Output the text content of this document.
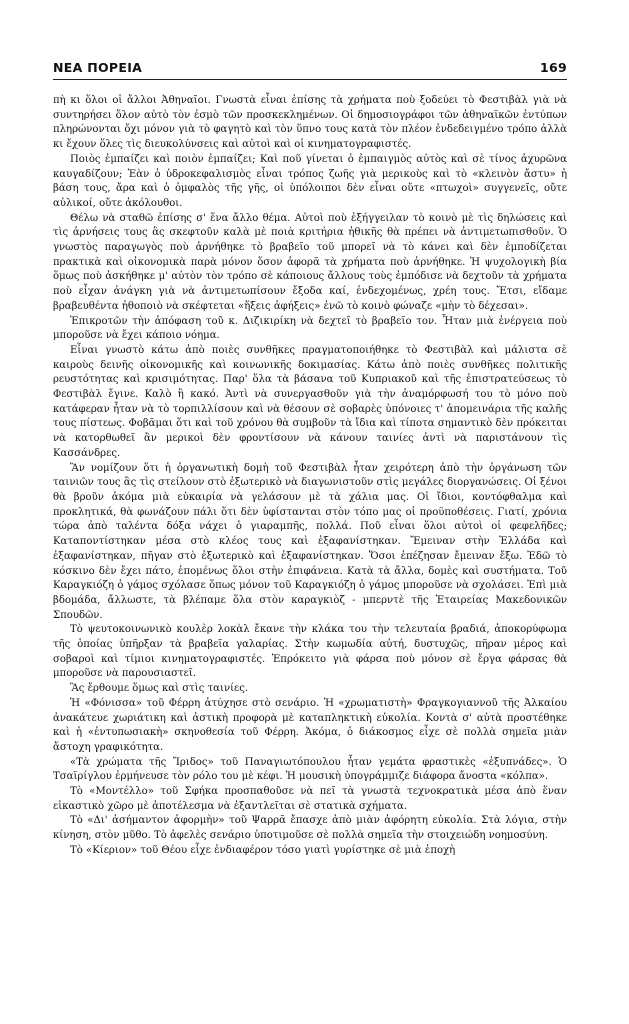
ΝΕΑ ΠΟΡΕΙΑ	169

πὴ κι ὅλοι οἱ ἄλλοι Ἀθηναῖοι. Γνωστὰ εἶναι ἐπίσης τὰ χρήματα ποὺ ξοδεύει τὸ Φεστιβὰλ γιὰ νὰ συντηρήσει ὅλον αὐτὸ τὸν ἐσμὸ τῶν προσκεκλημένων. Οἱ δημοσιογράφοι τῶν ἀθηναϊκῶν ἐντύπων πληρώνονται ὄχι μόνον γιὰ τὸ φαγητὸ καὶ τὸν ὕπνο τους κατὰ τὸν πλέον ἐνδεδειγμένο τρόπο ἀλλὰ κι ἔχουν ὅλες τὶς διευκολύνσεις καὶ αὐτοὶ καὶ οἱ κινηματογραφιστές.

Ποιὸς ἐμπαίζει καὶ ποιὸν ἐμπαίζει; Καὶ ποῦ γίνεται ὁ ἐμπαιγμὸς αὐτὸς καὶ σὲ τίνος ἀχυρῶνα καυγαδίζουν; Ἐὰν ὁ ὑδροκεφαλισμὸς εἶναι τρόπος ζωῆς γιὰ μερικοὺς καὶ τὸ «κλεινὸν ἄστυ» ἡ βάση τους, ἄρα καὶ ὁ ὀμφαλὸς τῆς γῆς, οἱ ὑπόλοιποι δὲν εἶναι οὔτε «πτωχοὶ» συγγενεῖς, οὔτε αὐλικοί, οὔτε ἀκόλουθοι.

Θέλω νὰ σταθῶ ἐπίσης σ' ἕνα ἄλλο θέμα. Αὐτοὶ ποὺ ἐξήγγειλαν τὸ κοινὸ μὲ τὶς δηλώσεις καὶ τὶς ἀρνήσεις τους ἂς σκεφτοῦν καλὰ μὲ ποιὰ κριτήρια ἠθικῆς θὰ πρέπει νὰ ἀντιμετωπισθοῦν. Ὁ γνωστὸς παραγωγὸς ποὺ ἀρνήθηκε τὸ βραβεῖο τοῦ μπορεῖ νὰ τὸ κάνει καὶ δὲν ἐμποδίζεται πρακτικὰ καὶ οἰκονομικὰ παρὰ μόνον ὅσον ἀφορᾶ τὰ χρήματα ποὺ ἀρνήθηκε. Ἡ ψυχολογικὴ βία ὅμως ποὺ ἀσκήθηκε μ' αὐτὸν τὸν τρόπο σὲ κάποιους ἄλλους τοὺς ἐμπόδισε νὰ δεχτοῦν τὰ χρήματα ποὺ εἶχαν ἀνάγκη γιὰ νὰ ἀντιμετωπίσουν ἔξοδα καί, ἐνδεχομένως, χρέη τους. Ἔτσι, εἴδαμε βραβευθέντα ἠθοποιὸ νὰ σκέφτεται «ἥξεις ἀφήξεις» ἐνῶ τὸ κοινὸ φώναζε «μὴν τὸ δέχεσαι».

Ἐπικροτῶν τὴν ἀπόφαση τοῦ κ. Διζικιρίκη νὰ δεχτεῖ τὸ βραβεῖο τον. Ἦταν μιὰ ἐνέργεια ποὺ μποροῦσε νὰ ἔχει κάποιο νόημα.

Εἶναι γνωστὸ κάτω ἀπὸ ποιὲς συνθῆκες πραγματοποιήθηκε τὸ Φεστιβὰλ καὶ μάλιστα σὲ καιροὺς δεινῆς οἰκονομικῆς καὶ κοινωνικῆς δοκιμασίας. Κάτω ἀπὸ ποιὲς συνθῆκες πολιτικῆς ρευστότητας καὶ κρισιμότητας. Παρ' ὅλα τὰ βάσανα τοῦ Κυπριακοῦ καὶ τῆς ἐπιστρατεύσεως τὸ Φεστιβὰλ ἔγινε. Καλὸ ἢ κακό. Ἀντὶ νὰ συνεργασθοῦν γιὰ τὴν ἀναμόρφωσή του τὸ μόνο ποὺ κατάφεραν ἦταν νὰ τὸ τορπιλλίσουν καὶ νὰ θέσουν σὲ σοβαρὲς ὑπόνοιες τ' ἀπομεινάρια τῆς καλῆς τους πίστεως. Φοβᾶμαι ὅτι καὶ τοῦ χρόνου θὰ συμβοῦν τὰ ἴδια καὶ τίποτα σημαντικὸ δὲν πρόκειται νὰ κατορθωθεῖ ἂν μερικοὶ δὲν φροντίσουν νὰ κάνουν ταινίες ἀντὶ νὰ παριστάνουν τὶς Κασσάνδρες.

Ἂν νομίζουν ὅτι ἡ ὀργανωτικὴ δομὴ τοῦ Φεστιβὰλ ἦταν χειρότερη ἀπὸ τὴν ὀργάνωση τῶν ταινιῶν τους ἂς τὶς στείλουν στὸ ἐξωτερικὸ νὰ διαγωνιστοῦν στὶς μεγάλες διοργανώσεις. Οἱ ξένοι θὰ βροῦν ἀκόμα μιὰ εὐκαιρία νὰ γελάσουν μὲ τὰ χάλια μας. Οἱ ἴδιοι, κοντόφθαλμα καὶ προκλητικά, θὰ φωνάζουν πάλι ὅτι δὲν ὑφίστανται στὸν τόπο μας οἱ προϋποθέσεις. Γιατί, χρόνια τώρα ἀπὸ ταλέντα δόξα νάχει ὁ γιαραμπῆς, πολλά. Ποῦ εἶναι ὅλοι αὐτοὶ οἱ φεφελῆδες; Καταποντίστηκαν μέσα στὸ κλέος τους καὶ ἐξαφανίστηκαν. Ἔμειναν στὴν Ἑλλάδα καὶ ἐξαφανίστηκαν, πῆγαν στὸ ἐξωτερικὸ καὶ ἐξαφανίστηκαν. Ὅσοι ἐπέζησαν ἔμειναν ἔξω. Ἐδῶ τὸ κόσκινο δὲν ἔχει πάτο, ἑπομένως ὅλοι στὴν ἐπιφάνεια. Κατὰ τὰ ἄλλα, δομὲς καὶ συστήματα. Τοῦ Καραγκιόζη ὁ γάμος σχόλασε ὅπως μόνον τοῦ Καραγκιόζη ὁ γάμος μποροῦσε νὰ σχολάσει. Ἐπὶ μιὰ βδομάδα, ἄλλωστε, τὰ βλέπαμε ὅλα στὸν καραγκιὸζ - μπερντὲ τῆς Ἑταιρείας Μακεδονικῶν Σπουδῶν.

Τὸ ψευτοκοινωνικὸ κουλὲρ λοκὰλ ἔκανε τὴν κλάκα του τὴν τελευταία βραδιά, ἀποκορύφωμα τῆς ὁποίας ὑπῆρξαν τὰ βραβεῖα γαλαρίας. Στὴν κωμωδία αὐτή, δυστυχῶς, πῆραν μέρος καὶ σοβαροὶ καὶ τίμιοι κινηματογραφιστές. Ἐπρόκειτο γιὰ φάρσα ποὺ μόνον σὲ ἔργα φάρσας θὰ μποροῦσε νὰ παρουσιαστεῖ.

Ἂς ἔρθουμε ὅμως καὶ στὶς ταινίες.

Ἡ «Φόνισσα» τοῦ Φέρρη ἀτύχησε στὸ σενάριο. Ἡ «χρωματιστὴ» Φραγκογιαννοῦ τῆς Ἀλκαίου ἀνακάτευε χωριάτικη καὶ ἀστικὴ προφορὰ μὲ καταπληκτικὴ εὐκολία. Κοντὰ σ' αὐτὰ προστέθηκε καὶ ἡ «ἐντυπωσιακὴ» σκηνοθεσία τοῦ Φέρρη. Ἀκόμα, ὁ διάκοσμος εἶχε σὲ πολλὰ σημεῖα μιὰν ἄστοχη γραφικότητα.

«Τὰ χρώματα τῆς Ἴριδος» τοῦ Παναγιωτόπουλου ἦταν γεμάτα φραστικὲς «ἐξυπνάδες». Ὁ Τσαϊρίγλου ἐρμήνευσε τὸν ρόλο του μὲ κέφι. Ἡ μουσικὴ ὑπογράμμιζε διάφορα ἄνοστα «κόλπα».

Τὸ «Μοντέλλο» τοῦ Σφήκα προσπαθοῦσε νὰ πεῖ τὰ γνωστὰ τεχνοκρατικὰ μέσα ἀπὸ ἕναν εἰκαστικὸ χῶρο μὲ ἀποτέλεσμα νὰ ἐξαντλεῖται σὲ στατικὰ σχήματα.

Τὸ «Δι' ἀσήμαντον ἀφορμὴν» τοῦ Ψαρρᾶ ἔπασχε ἀπὸ μιὰν ἀφόρητη εὐκολία. Στὰ λόγια, στὴν κίνηση, στὸν μῦθο. Τὸ ἀφελὲς σενάριο ὑποτιμοῦσε σὲ πολλὰ σημεῖα τὴν στοιχειώδη νοημοσύνη.

Τὸ «Κίεριον» τοῦ Θέου εἶχε ἐνδιαφέρον τόσο γιατὶ γυρίστηκε σὲ μιὰ ἐποχὴ
